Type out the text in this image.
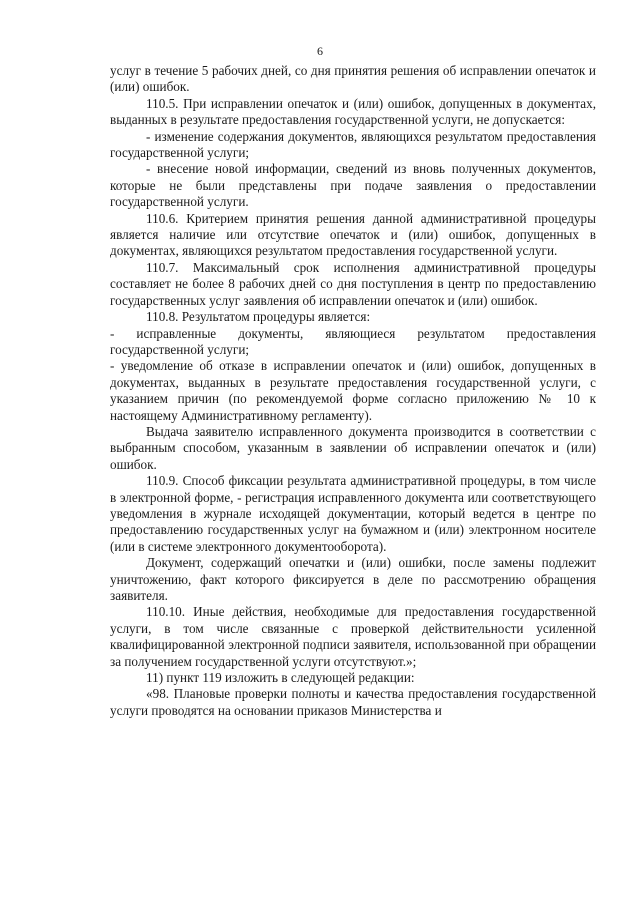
6

услуг в течение 5 рабочих дней, со дня принятия решения об исправлении опечаток и (или) ошибок.

110.5. При исправлении опечаток и (или) ошибок, допущенных в документах, выданных в результате предоставления государственной услуги, не допускается:

- изменение содержания документов, являющихся результатом предоставления государственной услуги;

- внесение новой информации, сведений из вновь полученных документов, которые не были представлены при подаче заявления о предоставлении государственной услуги.

110.6. Критерием принятия решения данной административной процедуры является наличие или отсутствие опечаток и (или) ошибок, допущенных в документах, являющихся результатом предоставления государственной услуги.

110.7. Максимальный срок исполнения административной процедуры составляет не более 8 рабочих дней со дня поступления в центр по предоставлению государственных услуг заявления об исправлении опечаток и (или) ошибок.

110.8. Результатом процедуры является:

- исправленные документы, являющиеся результатом предоставления государственной услуги;

- уведомление об отказе в исправлении опечаток и (или) ошибок, допущенных в документах, выданных в результате предоставления государственной услуги, с указанием причин (по рекомендуемой форме согласно приложению № 10 к настоящему Административному регламенту).

Выдача заявителю исправленного документа производится в соответствии с выбранным способом, указанным в заявлении об исправлении опечаток и (или) ошибок.

110.9. Способ фиксации результата административной процедуры, в том числе в электронной форме, - регистрация исправленного документа или соответствующего уведомления в журнале исходящей документации, который ведется в центре по предоставлению государственных услуг на бумажном и (или) электронном носителе (или в системе электронного документооборота).

Документ, содержащий опечатки и (или) ошибки, после замены подлежит уничтожению, факт которого фиксируется в деле по рассмотрению обращения заявителя.

110.10. Иные действия, необходимые для предоставления государственной услуги, в том числе связанные с проверкой действительности усиленной квалифицированной электронной подписи заявителя, использованной при обращении за получением государственной услуги отсутствуют.»;

11) пункт 119 изложить в следующей редакции:

«98. Плановые проверки полноты и качества предоставления государственной услуги проводятся на основании приказов Министерства и
